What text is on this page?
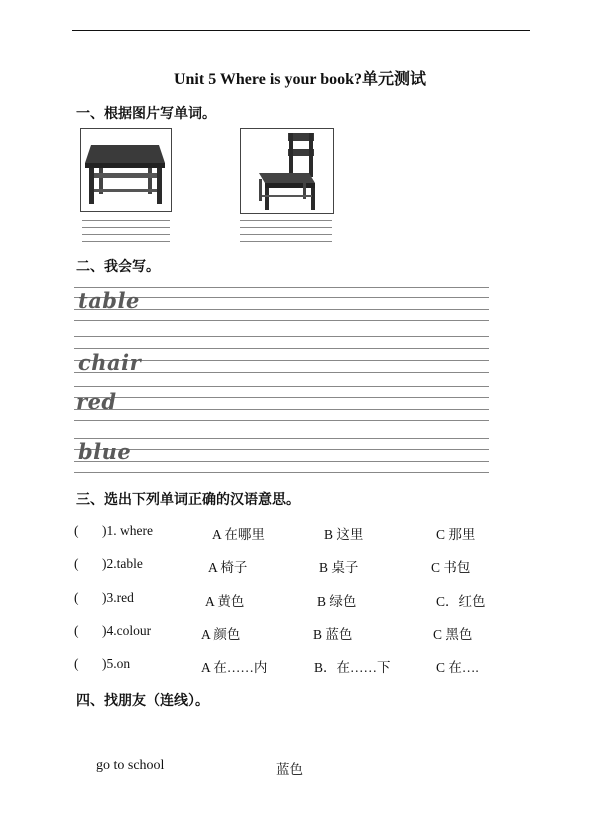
Unit 5 Where is your book?单元测试
一、根据图片写单词。
二、我会写。
table
chair
red
blue
三、选出下列单词正确的汉语意思。
( )1. where	A 在哪里	B 这里	C 那里
( )2.table	A 椅子	B 桌子	C 书包
( )3.red	A 黄色	B 绿色	C．红色
( )4.colour	A 颜色	B 蓝色	C 黑色
( )5.on	A 在……内	B．在……下	C 在….
四、找朋友（连线）。
go to school	蓝色
